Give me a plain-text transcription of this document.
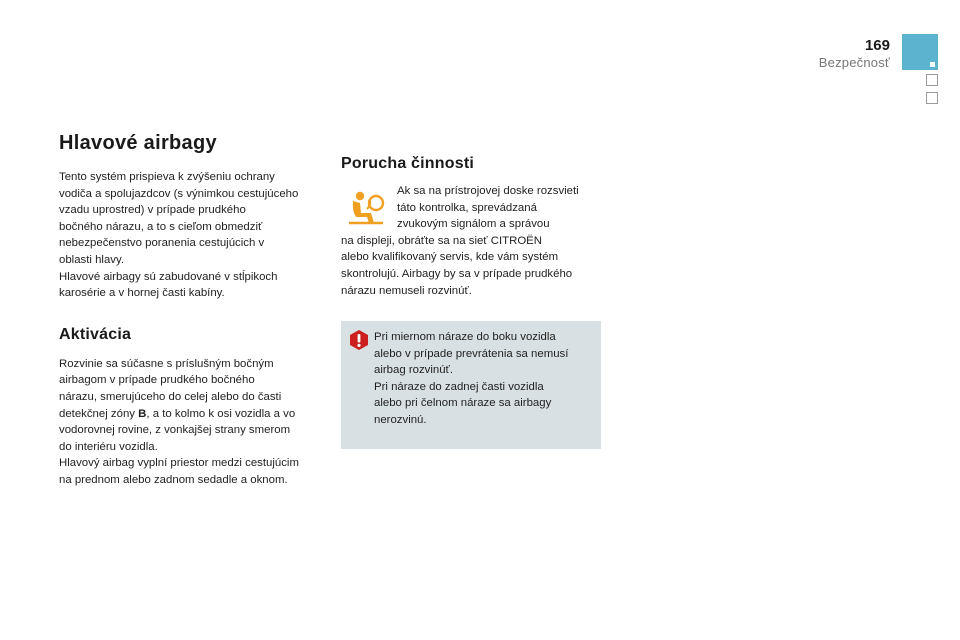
169
Bezpečnosť
Hlavové airbagy

Tento systém prispieva k zvýšeniu ochrany
vodiča a spolujazdcov (s výnimkou cestujúceho
vzadu uprostred) v prípade prudkého
bočného nárazu, a to s cieľom obmedziť
nebezpečenstvo poranenia cestujúcich v
oblasti hlavy.
Hlavové airbagy sú zabudované v stĺpikoch
karosérie a v hornej časti kabíny.

Aktivácia

Rozvinie sa súčasne s príslušným bočným
airbagom v prípade prudkého bočného
nárazu, smerujúceho do celej alebo do časti
detekčnej zóny B, a to kolmo k osi vozidla a vo
vodorovnej rovine, z vonkajšej strany smerom
do interiéru vozidla.
Hlavový airbag vyplní priestor medzi cestujúcim
na prednom alebo zadnom sedadle a oknom.

Porucha činnosti

Ak sa na prístrojovej doske rozsvieti
táto kontrolka, sprevádzaná
zvukovým signálom a správou

na displeji, obráťte sa na sieť CITROËN
alebo kvalifikovaný servis, kde vám systém
skontrolujú. Airbagy by sa v prípade prudkého
nárazu nemuseli rozvinúť.

Pri miernom náraze do boku vozidla
alebo v prípade prevrátenia sa nemusí
airbag rozvinúť.
Pri náraze do zadnej časti vozidla
alebo pri čelnom náraze sa airbagy
nerozvinú.
